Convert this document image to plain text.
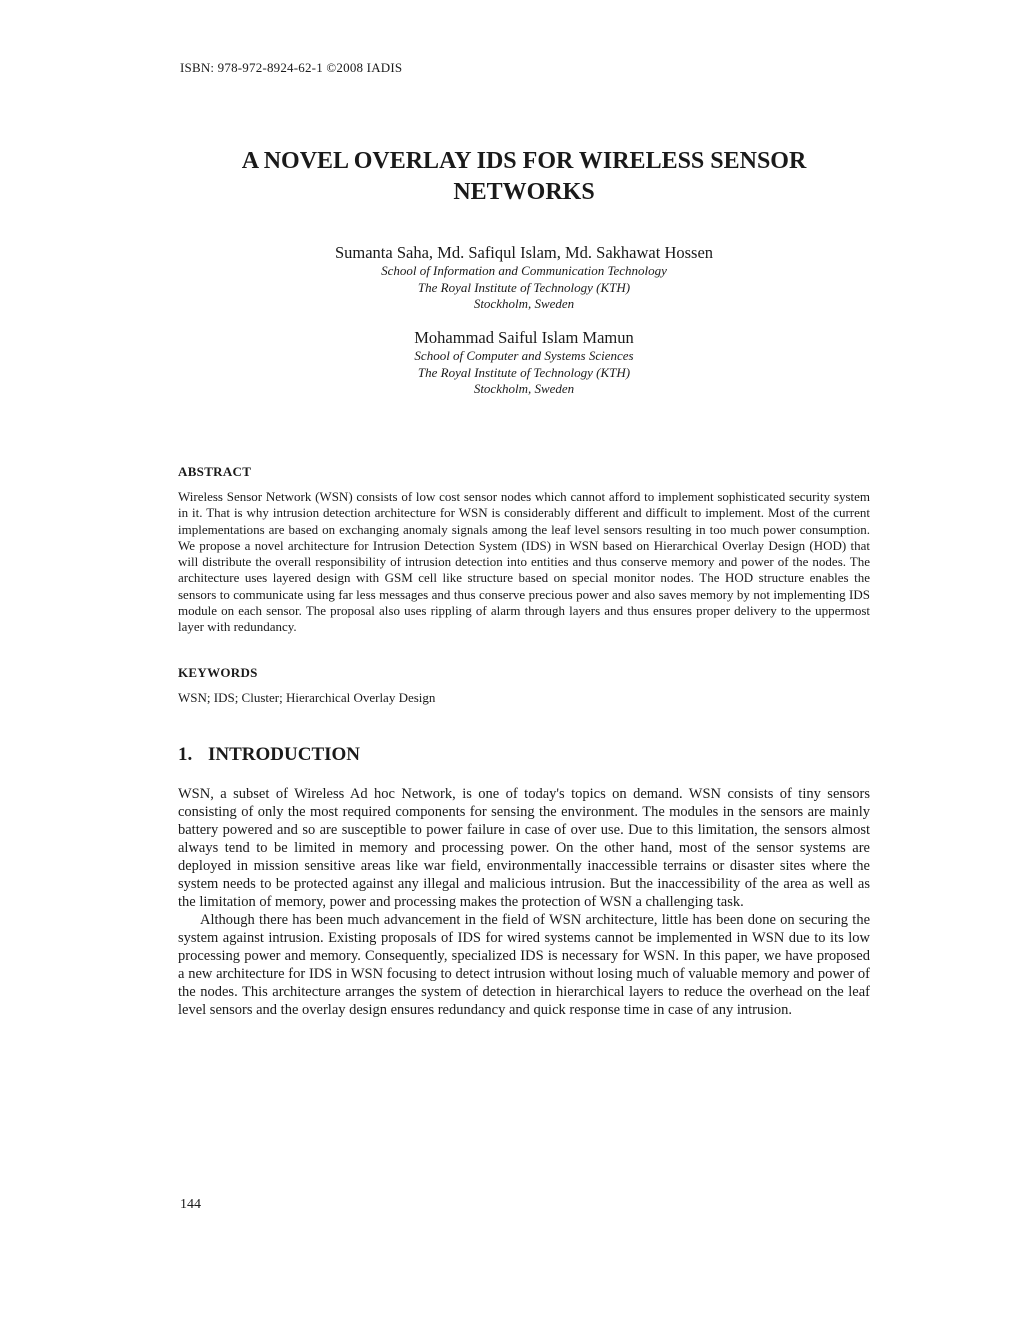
ISBN: 978-972-8924-62-1 ©2008 IADIS
A NOVEL OVERLAY IDS FOR WIRELESS SENSOR
NETWORKS
Sumanta Saha, Md. Safiqul Islam, Md. Sakhawat Hossen
School of Information and Communication Technology
The Royal Institute of Technology (KTH)
Stockholm, Sweden
Mohammad Saiful Islam Mamun
School of Computer and Systems Sciences
The Royal Institute of Technology (KTH)
Stockholm, Sweden
ABSTRACT

Wireless Sensor Network (WSN) consists of low cost sensor nodes which cannot afford to implement sophisticated security system in it. That is why intrusion detection architecture for WSN is considerably different and difficult to implement. Most of the current implementations are based on exchanging anomaly signals among the leaf level sensors resulting in too much power consumption. We propose a novel architecture for Intrusion Detection System (IDS) in WSN based on Hierarchical Overlay Design (HOD) that will distribute the overall responsibility of intrusion detection into entities and thus conserve memory and power of the nodes. The architecture uses layered design with GSM cell like structure based on special monitor nodes. The HOD structure enables the sensors to communicate using far less messages and thus conserve precious power and also saves memory by not implementing IDS module on each sensor. The proposal also uses rippling of alarm through layers and thus ensures proper delivery to the uppermost layer with redundancy.

KEYWORDS
WSN; IDS; Cluster; Hierarchical Overlay Design
1. INTRODUCTION

WSN, a subset of Wireless Ad hoc Network, is one of today's topics on demand. WSN consists of tiny sensors consisting of only the most required components for sensing the environment. The modules in the sensors are mainly battery powered and so are susceptible to power failure in case of over use. Due to this limitation, the sensors almost always tend to be limited in memory and processing power. On the other hand, most of the sensor systems are deployed in mission sensitive areas like war field, environmentally inaccessible terrains or disaster sites where the system needs to be protected against any illegal and malicious intrusion. But the inaccessibility of the area as well as the limitation of memory, power and processing makes the protection of WSN a challenging task.

Although there has been much advancement in the field of WSN architecture, little has been done on securing the system against intrusion. Existing proposals of IDS for wired systems cannot be implemented in WSN due to its low processing power and memory. Consequently, specialized IDS is necessary for WSN. In this paper, we have proposed a new architecture for IDS in WSN focusing to detect intrusion without losing much of valuable memory and power of the nodes. This architecture arranges the system of detection in hierarchical layers to reduce the overhead on the leaf level sensors and the overlay design ensures redundancy and quick response time in case of any intrusion.

144
